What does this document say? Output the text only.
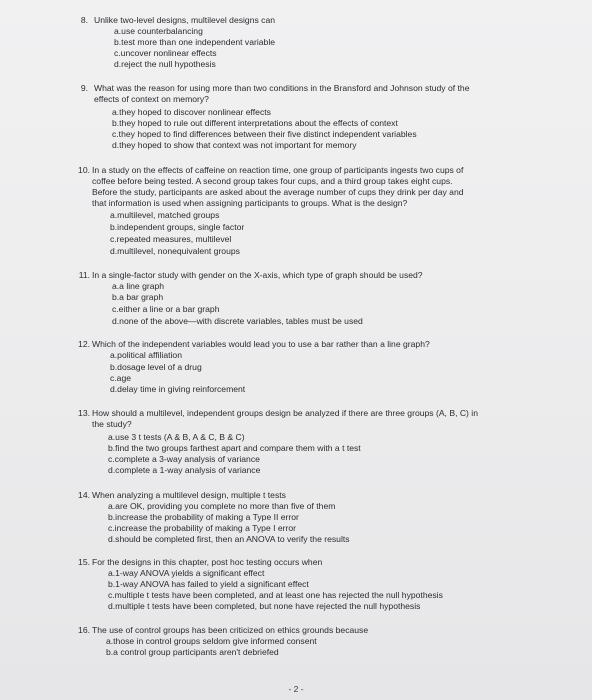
8. Unlike two-level designs, multilevel designs can
a.use counterbalancing
b.test more than one independent variable
c.uncover nonlinear effects
d.reject the null hypothesis
9. What was the reason for using more than two conditions in the Bransford and Johnson study of the
effects of context on memory?
a.they hoped to discover nonlinear effects
b.they hoped to rule out different interpretations about the effects of context
c.they hoped to find differences between their five distinct independent variables
d.they hoped to show that context was not important for memory
10. In a study on the effects of caffeine on reaction time, one group of participants ingests two cups of
coffee before being tested. A second group takes four cups, and a third group takes eight cups.
Before the study, participants are asked about the average number of cups they drink per day and
that information is used when assigning participants to groups. What is the design?
a.multilevel, matched groups
b.independent groups, single factor
c.repeated measures, multilevel
d.multilevel, nonequivalent groups
11. In a single-factor study with gender on the X-axis, which type of graph should be used?
a.a line graph
b.a bar graph
c.either a line or a bar graph
d.none of the above—with discrete variables, tables must be used
12. Which of the independent variables would lead you to use a bar rather than a line graph?
a.political affiliation
b.dosage level of a drug
c.age
d.delay time in giving reinforcement
13. How should a multilevel, independent groups design be analyzed if there are three groups (A, B, C) in
the study?
a.use 3 t tests (A & B, A & C, B & C)
b.find the two groups farthest apart and compare them with a t test
c.complete a 3-way analysis of variance
d.complete a 1-way analysis of variance
14. When analyzing a multilevel design, multiple t tests
a.are OK, providing you complete no more than five of them
b.increase the probability of making a Type II error
c.increase the probability of making a Type I error
d.should be completed first, then an ANOVA to verify the results
15. For the designs in this chapter, post hoc testing occurs when
a.1-way ANOVA yields a significant effect
b.1-way ANOVA has failed to yield a significant effect
c.multiple t tests have been completed, and at least one has rejected the null hypothesis
d.multiple t tests have been completed, but none have rejected the null hypothesis
16. The use of control groups has been criticized on ethics grounds because
a.those in control groups seldom give informed consent
b.a control group participants aren't debriefed
- 2 -
